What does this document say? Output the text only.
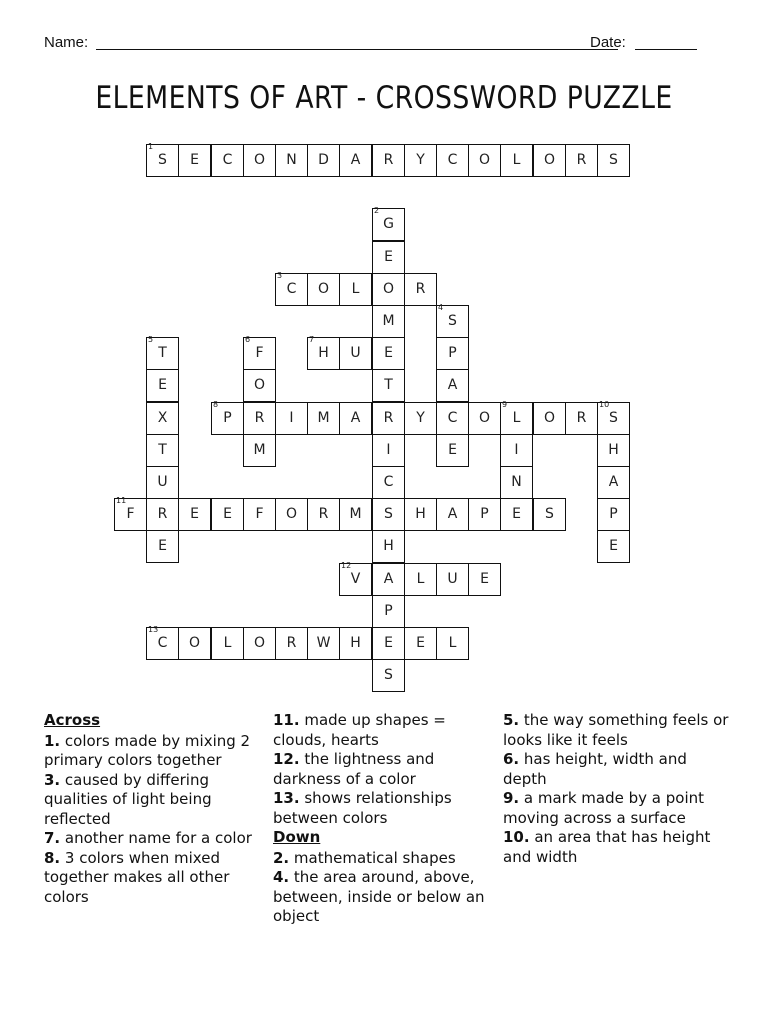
Name:	Date:
ELEMENTS OF ART - CROSSWORD PUZZLE
1
S	E	C	O	N	D	A	R	Y	C	O	L	O	R	S
3
C	O	L	O	R
7
H	U	E
8
P	R	I	M	A	R	Y	C	O
9
L	O	R
10
S
11
F	R	E	E	F	O	R	M	S	H	A	P	E	S
12
V	A	L	U	E
13
C	O	L	O	R	W	H	E	E	L
2
G
E
M
T
I
C
H
P
S
4
S
P
A
E
5
T
E
X
T
U
E
6
F
O
M	I
N
H
A
P
E
Across
1. colors made by mixing 2 primary colors together
3. caused by differing qualities of light being reflected
7. another name for a color
8. 3 colors when mixed together makes all other colors
11. made up shapes = clouds, hearts
12. the lightness and darkness of a color
13. shows relationships between colors
Down
2. mathematical shapes
4. the area around, above, between, inside or below an object
5. the way something feels or looks like it feels
6. has height, width and depth
9. a mark made by a point moving across a surface
10. an area that has height and width
